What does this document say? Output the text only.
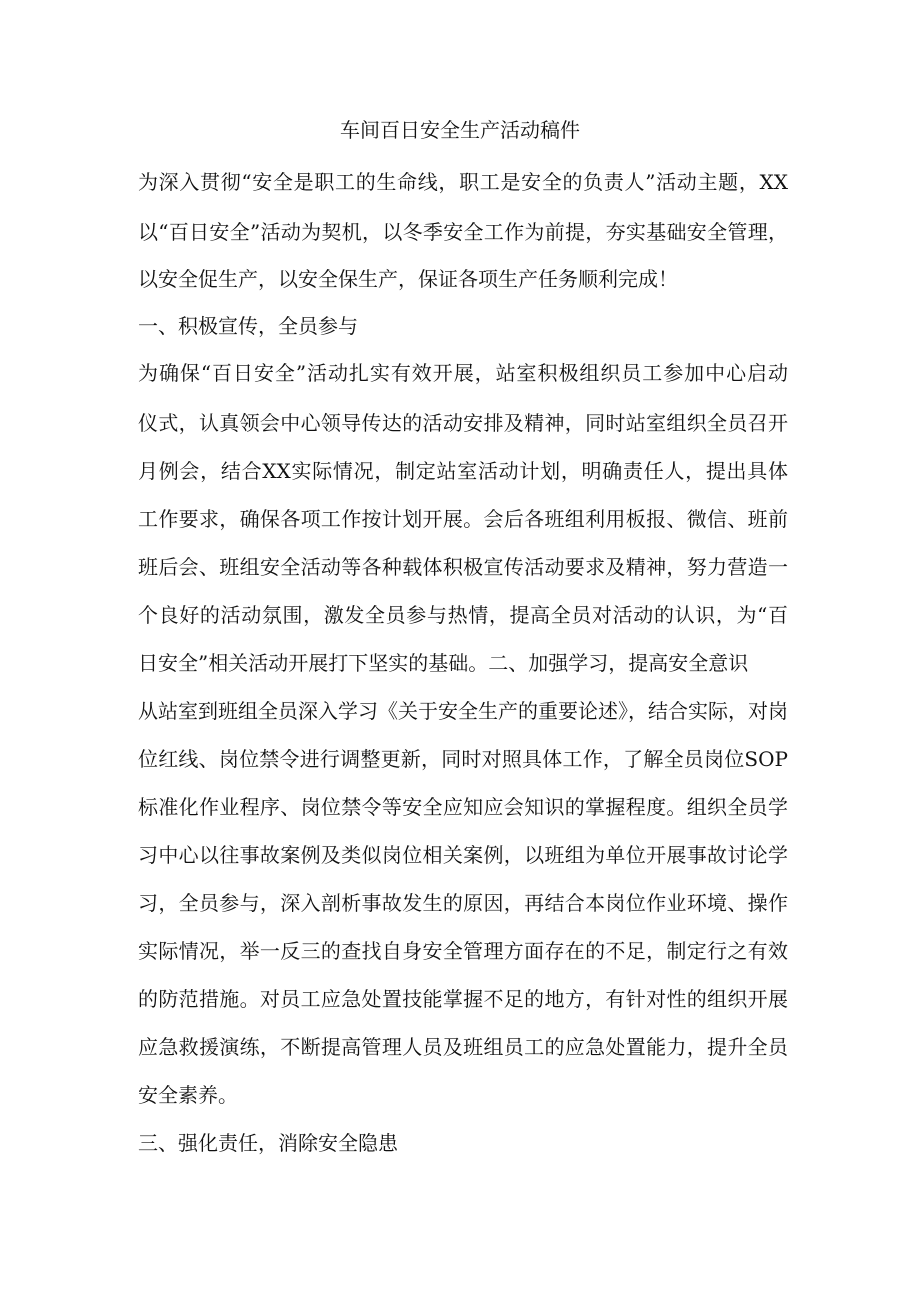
车间百日安全生产活动稿件
为深入贯彻“安全是职工的生命线，职工是安全的负责人”活动主题，XX
以“百日安全”活动为契机，以冬季安全工作为前提，夯实基础安全管理，
以安全促生产，以安全保生产，保证各项生产任务顺利完成！
一、积极宣传，全员参与
为确保“百日安全”活动扎实有效开展，站室积极组织员工参加中心启动
仪式，认真领会中心领导传达的活动安排及精神，同时站室组织全员召开
月例会，结合XX实际情况，制定站室活动计划，明确责任人，提出具体
工作要求，确保各项工作按计划开展。会后各班组利用板报、微信、班前
班后会、班组安全活动等各种载体积极宣传活动要求及精神，努力营造一
个良好的活动氛围，激发全员参与热情，提高全员对活动的认识，为“百
日安全”相关活动开展打下坚实的基础。二、加强学习，提高安全意识
从站室到班组全员深入学习《关于安全生产的重要论述》，结合实际，对岗
位红线、岗位禁令进行调整更新，同时对照具体工作，了解全员岗位SOP
标准化作业程序、岗位禁令等安全应知应会知识的掌握程度。组织全员学
习中心以往事故案例及类似岗位相关案例，以班组为单位开展事故讨论学
习，全员参与，深入剖析事故发生的原因，再结合本岗位作业环境、操作
实际情况，举一反三的查找自身安全管理方面存在的不足，制定行之有效
的防范措施。对员工应急处置技能掌握不足的地方，有针对性的组织开展
应急救援演练，不断提高管理人员及班组员工的应急处置能力，提升全员
安全素养。
三、强化责任，消除安全隐患
